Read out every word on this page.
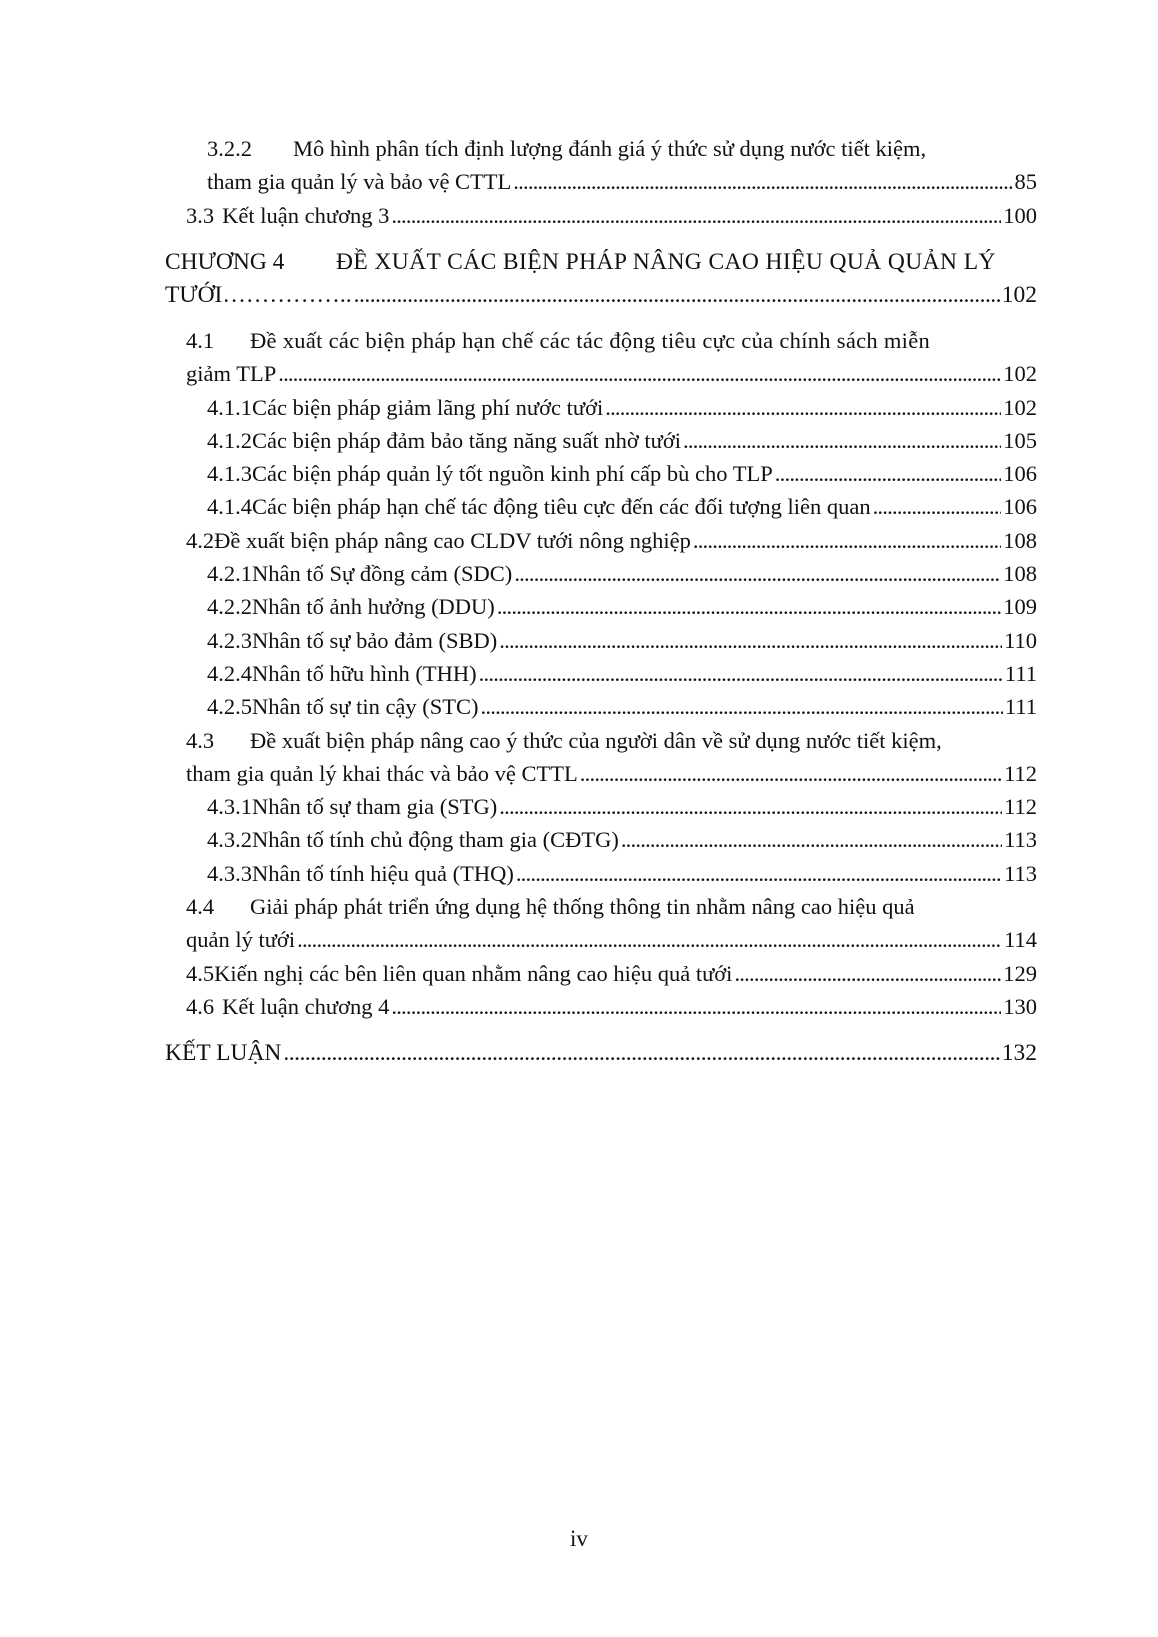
3.2.2	Mô hình phân tích định lượng đánh giá ý thức sử dụng nước tiết kiệm,
tham gia quản lý và bảo vệ CTTL . . .	85
3.3 Kết luận chương 3 . . .	100
CHƯƠNG 4	ĐỀ XUẤT CÁC BIỆN PHÁP NÂNG CAO HIỆU QUẢ QUẢN LÝ
TƯỚI…………….. . . .	102
4.1	Đề xuất các biện pháp hạn chế các tác động tiêu cực của chính sách miễn
giảm TLP . . .	102
4.1.1 Các biện pháp giảm lãng phí nước tưới . . .	102
4.1.2 Các biện pháp đảm bảo tăng năng suất nhờ tưới . . .	105
4.1.3 Các biện pháp quản lý tốt nguồn kinh phí cấp bù cho TLP . . .	106
4.1.4 Các biện pháp hạn chế tác động tiêu cực đến các đối tượng liên quan . . .	106
4.2 Đề xuất biện pháp nâng cao CLDV tưới nông nghiệp . . .	108
4.2.1 Nhân tố Sự đồng cảm (SDC) . . .	108
4.2.2 Nhân tố ảnh hưởng (DDU) . . .	109
4.2.3 Nhân tố sự bảo đảm (SBD) . . .	110
4.2.4 Nhân tố hữu hình (THH) . . .	111
4.2.5 Nhân tố sự tin cậy (STC) . . .	111
4.3	Đề xuất biện pháp nâng cao ý thức của người dân về sử dụng nước tiết kiệm,
tham gia quản lý khai thác và bảo vệ CTTL . . .	112
4.3.1 Nhân tố sự tham gia (STG) . . .	112
4.3.2 Nhân tố tính chủ động tham gia (CĐTG) . . .	113
4.3.3 Nhân tố tính hiệu quả (THQ) . . .	113
4.4	Giải pháp phát triển ứng dụng hệ thống thông tin nhằm nâng cao hiệu quả
quản lý tưới . . .	114
4.5 Kiến nghị các bên liên quan nhằm nâng cao hiệu quả tưới . . .	129
4.6 Kết luận chương 4 . . .	130
KẾT LUẬN . . .	132
iv
